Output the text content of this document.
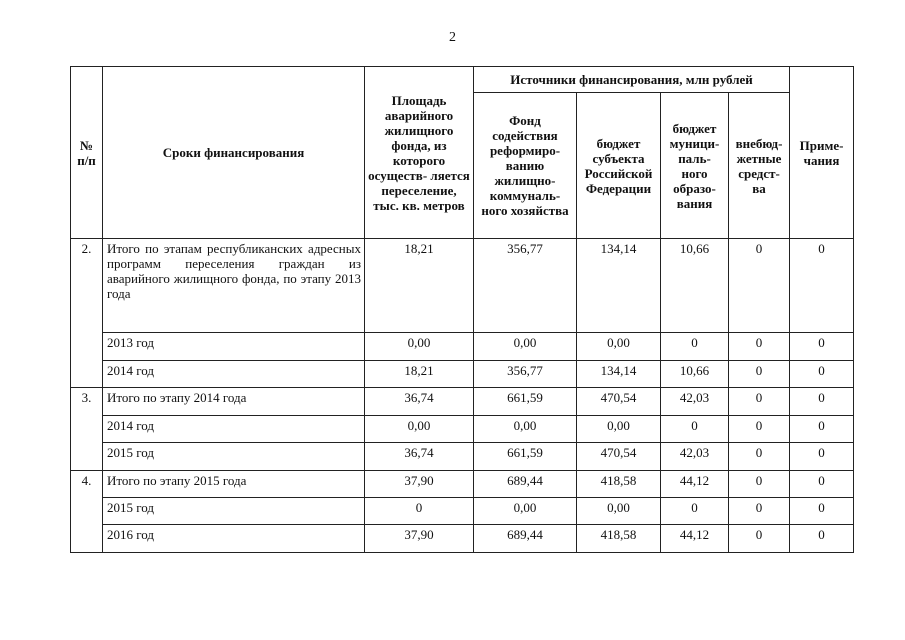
2
№ п/п	Сроки финансирования	Площадь аварийного жилищного фонда, из которого осуществ- ляется переселение, тыс. кв. метров	Источники финансирования, млн рублей				Приме- чания
			Фонд содействия реформиро- ванию жилищно- коммуналь- ного хозяйства	бюджет субъекта Российской Федерации	бюджет муници- паль- ного образо- вания	внебюд- жетные средст- ва	
2.	Итого по этапам республиканских адресных программ переселения граждан из аварийного жилищного фонда, по этапу 2013 года	18,21	356,77	134,14	10,66	0	0
	2013 год	0,00	0,00	0,00	0	0	0
	2014 год	18,21	356,77	134,14	10,66	0	0
3.	Итого по этапу 2014 года	36,74	661,59	470,54	42,03	0	0
	2014 год	0,00	0,00	0,00	0	0	0
	2015 год	36,74	661,59	470,54	42,03	0	0
4.	Итого по этапу 2015 года	37,90	689,44	418,58	44,12	0	0
	2015 год	0	0,00	0,00	0	0	0
	2016 год	37,90	689,44	418,58	44,12	0	0
